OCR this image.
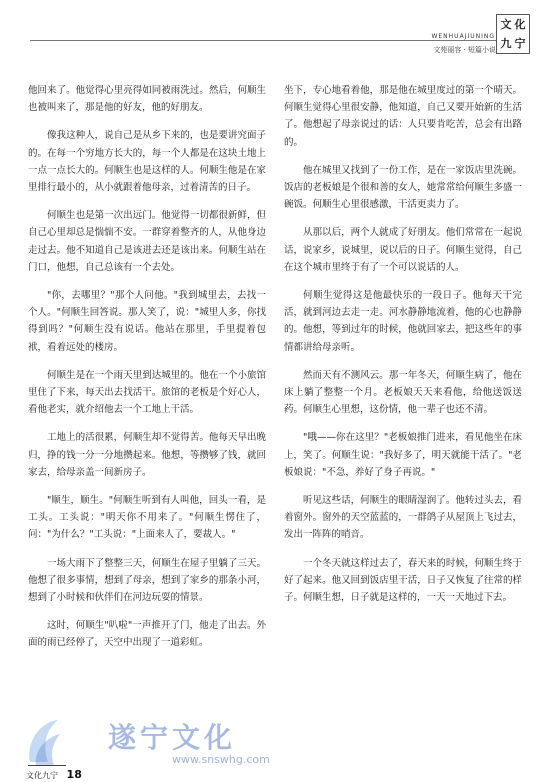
WENHUAJIUNING
文苑丽容 · 短篇小说
文 化
九 宁

他回来了。他觉得心里亮得如同被雨洗过。然后，何顺生也被叫来了，那是他的好友，他的好朋友。

像我这种人，说自己是从乡下来的，也是要讲究面子的。在每一个穷地方长大的，每一个人都是在这块土地上一点一点长大的。何顺生也是这样的人。何顺生他是在家里排行最小的，从小就跟着他母亲，过着清苦的日子。

何顺生也是第一次出远门。他觉得一切都很新鲜，但自己心里却总是惴惴不安。一群穿着整齐的人，从他身边走过去。他不知道自己是该进去还是该出来。何顺生站在门口，他想，自己总该有一个去处。

"你，去哪里？"那个人问他。"我到城里去，去找一个人。"何顺生回答说。那人笑了，说："城里人多，你找得到吗？"何顺生没有说话。他站在那里，手里提着包袱，看着远处的楼房。

何顺生是在一个雨天里到达城里的。他在一个小旅馆里住了下来，每天出去找活干。旅馆的老板是个好心人，看他老实，就介绍他去一个工地上干活。

工地上的活很累，何顺生却不觉得苦。他每天早出晚归，挣的钱一分一分地攒起来。他想，等攒够了钱，就回家去，给母亲盖一间新房子。

"顺生，顺生。"何顺生听到有人叫他，回头一看，是工头。工头说："明天你不用来了。"何顺生愣住了，问："为什么？"工头说："上面来人了，要裁人。"

一场大雨下了整整三天，何顺生在屋子里躺了三天。他想了很多事情，想到了母亲，想到了家乡的那条小河，想到了小时候和伙伴们在河边玩耍的情景。

这时，何顺生"叭啦"一声推开了门，他走了出去。外面的雨已经停了，天空中出现了一道彩虹。

坐下，专心地看着他，那是他在城里度过的第一个晴天。何顺生觉得心里很安静，他知道，自己又要开始新的生活了。他想起了母亲说过的话：人只要肯吃苦，总会有出路的。

他在城里又找到了一份工作，是在一家饭店里洗碗。饭店的老板娘是个很和善的女人，她常常给何顺生多盛一碗饭。何顺生心里很感激，干活更卖力了。

从那以后，两个人就成了好朋友。他们常常在一起说话，说家乡，说城里，说以后的日子。何顺生觉得，自己在这个城市里终于有了一个可以说话的人。

何顺生觉得这是他最快乐的一段日子。他每天干完活，就到河边去走一走。河水静静地流着，他的心也静静的。他想，等到过年的时候，他就回家去，把这些年的事情都讲给母亲听。

然而天有不测风云。那一年冬天，何顺生病了，他在床上躺了整整一个月。老板娘天天来看他，给他送饭送药。何顺生心里想，这份情，他一辈子也还不清。

"哦——你在这里？"老板娘推门进来，看见他坐在床上，笑了。何顺生说："我好多了，明天就能干活了。"老板娘说："不急，养好了身子再说。"

听见这些话，何顺生的眼睛湿润了。他转过头去，看着窗外。窗外的天空蓝蓝的，一群鸽子从屋顶上飞过去，发出一阵阵的哨音。

一个冬天就这样过去了，春天来的时候，何顺生终于好了起来。他又回到饭店里干活，日子又恢复了往常的样子。何顺生想，日子就是这样的，一天一天地过下去。

遂宁文化
www.snswhg.com
文化九宁 18
